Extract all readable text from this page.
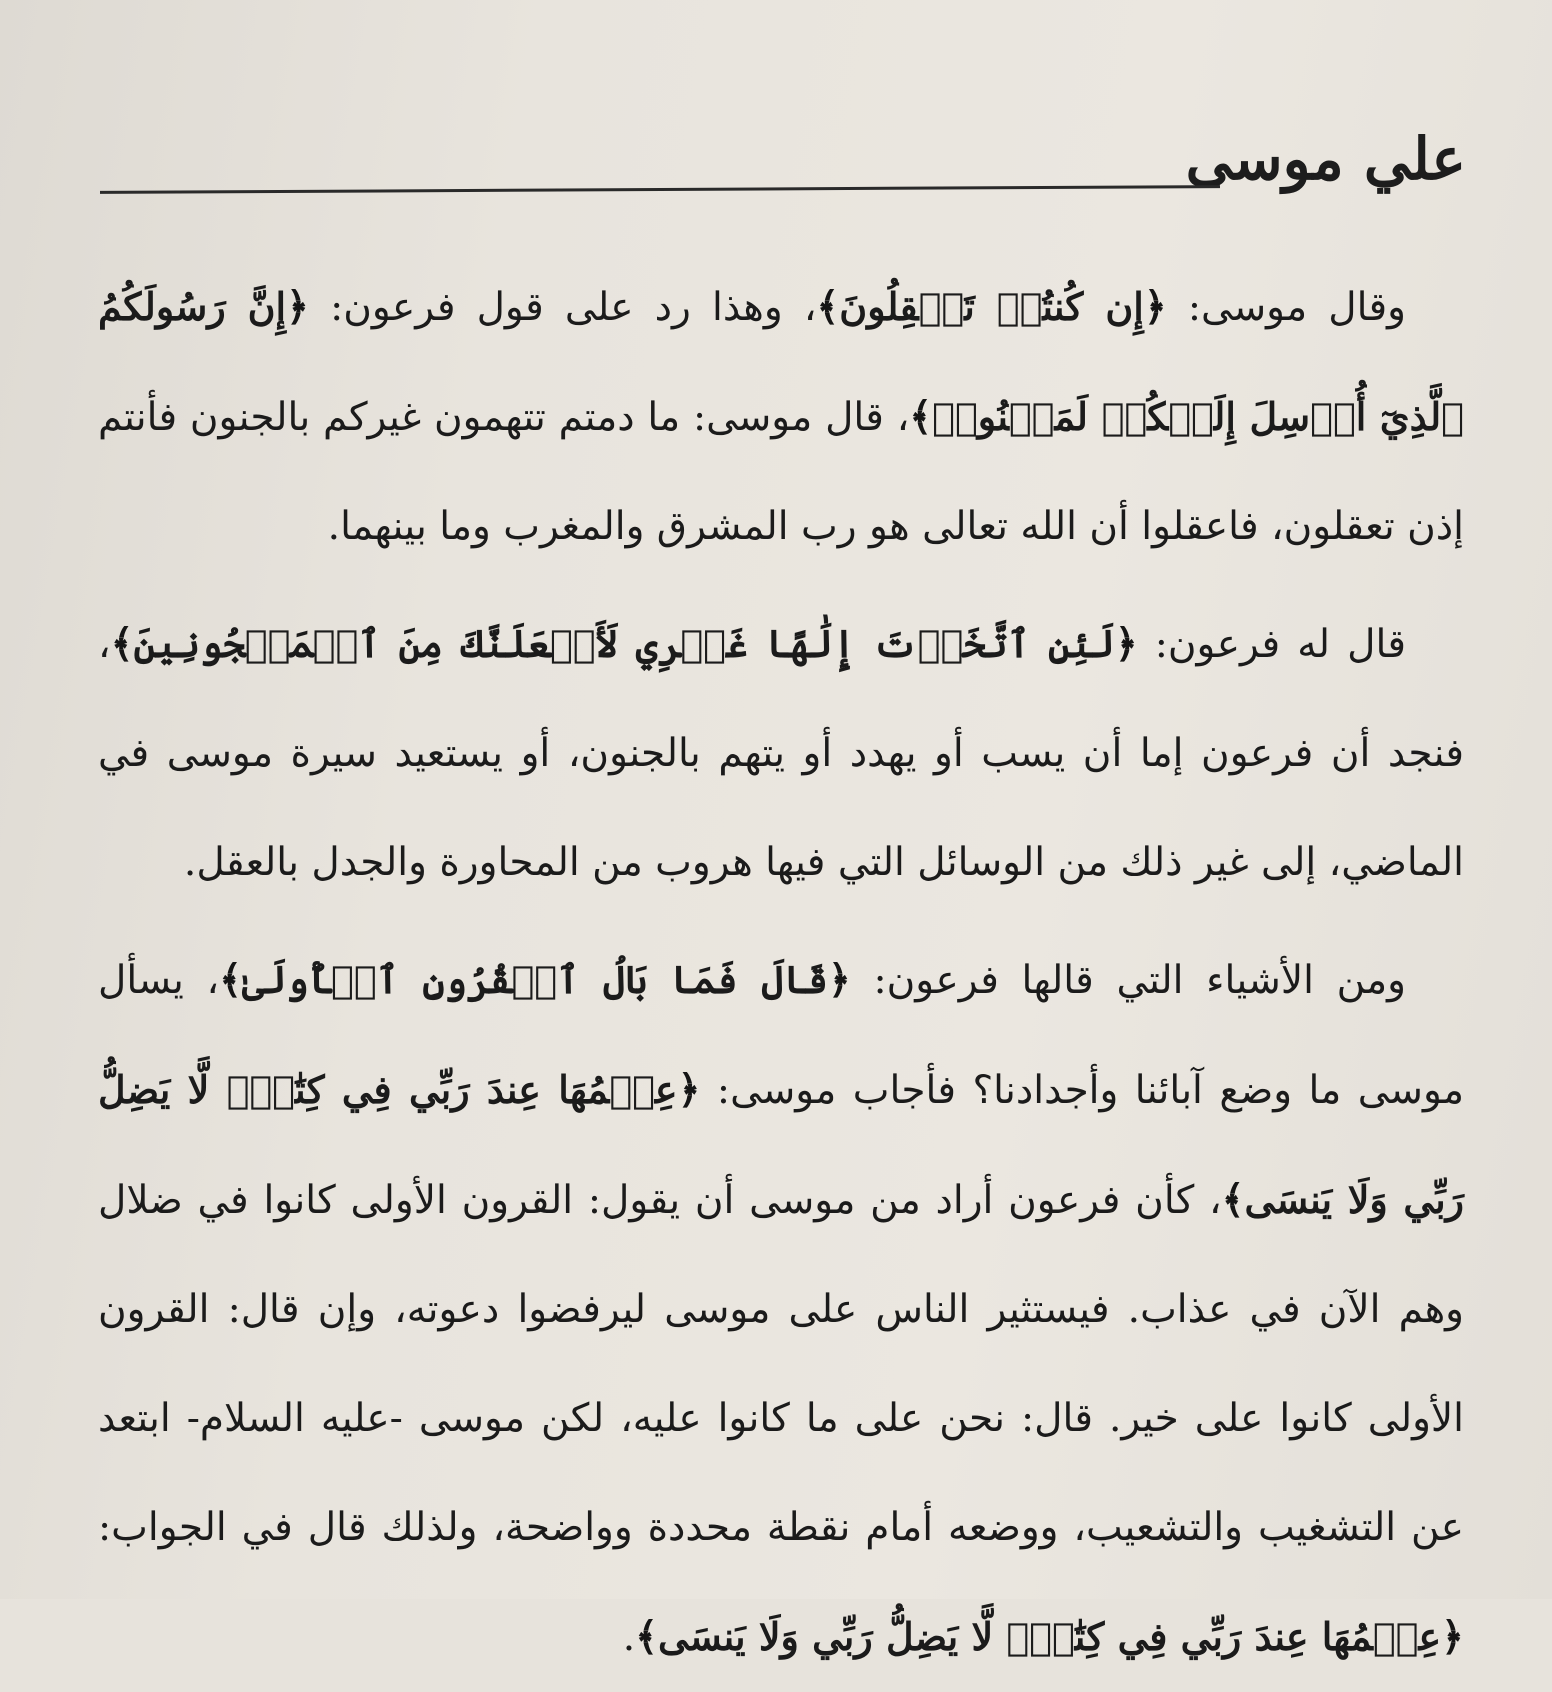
علي موسى

وقال موسى: ﴿إِن كُنتُمۡ تَعۡقِلُونَ﴾، وهذا رد على قول فرعون: ﴿إِنَّ رَسُولَكُمُ ٱلَّذِيٓ أُرۡسِلَ إِلَيۡكُمۡ لَمَجۡنُونٞ﴾، قال موسى: ما دمتم تتهمون غيركم بالجنون فأنتم إذن تعقلون، فاعقلوا أن الله تعالى هو رب المشرق والمغرب وما بينهما.

قال له فرعون: ﴿لَئِنِ ٱتَّخَذۡتَ إِلَٰهًا غَيۡرِي لَأَجۡعَلَنَّكَ مِنَ ٱلۡمَسۡجُونِينَ﴾، فنجد أن فرعون إما أن يسب أو يهدد أو يتهم بالجنون، أو يستعيد سيرة موسى في الماضي، إلى غير ذلك من الوسائل التي فيها هروب من المحاورة والجدل بالعقل.

ومن الأشياء التي قالها فرعون: ﴿قَالَ فَمَا بَالُ ٱلۡقُرُونِ ٱلۡأُولَىٰ﴾، يسأل موسى ما وضع آبائنا وأجدادنا؟ فأجاب موسى: ﴿عِلۡمُهَا عِندَ رَبِّي فِي كِتَٰبٖۖ لَّا يَضِلُّ رَبِّي وَلَا يَنسَى﴾، كأن فرعون أراد من موسى أن يقول: القرون الأولى كانوا في ضلال وهم الآن في عذاب. فيستثير الناس على موسى ليرفضوا دعوته، وإن قال: القرون الأولى كانوا على خير. قال: نحن على ما كانوا عليه، لكن موسى -عليه السلام- ابتعد عن التشغيب والتشعيب، ووضعه أمام نقطة محددة وواضحة، ولذلك قال في الجواب: ﴿عِلۡمُهَا عِندَ رَبِّي فِي كِتَٰبٖۖ لَّا يَضِلُّ رَبِّي وَلَا يَنسَى﴾.
